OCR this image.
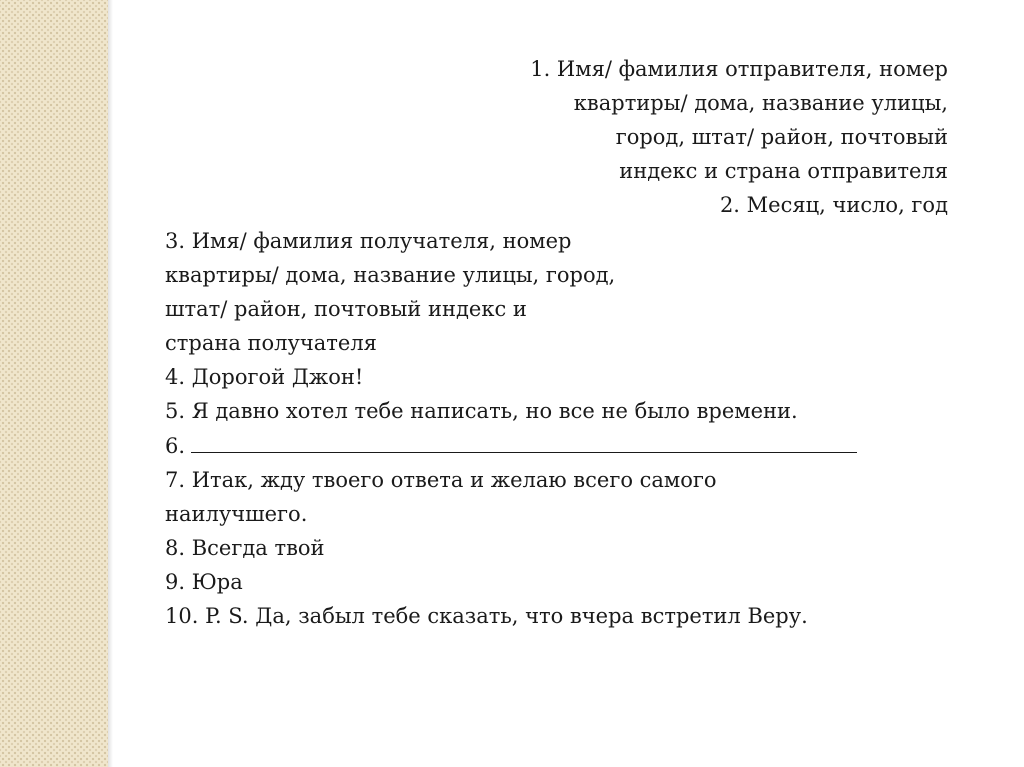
1. Имя/ фамилия отправителя, номер
квартиры/ дома, название улицы,
город, штат/ район, почтовый
индекс и страна отправителя
2. Месяц, число, год
3. Имя/ фамилия получателя, номер
квартиры/ дома, название улицы, город,
штат/ район, почтовый индекс и
страна получателя
4. Дорогой Джон!
5. Я давно хотел тебе написать, но все не было времени.
6.
7. Итак, жду твоего ответа и желаю всего самого
наилучшего.
8. Всегда твой
9. Юра
10. P. S. Да, забыл тебе сказать, что вчера встретил Веру.
